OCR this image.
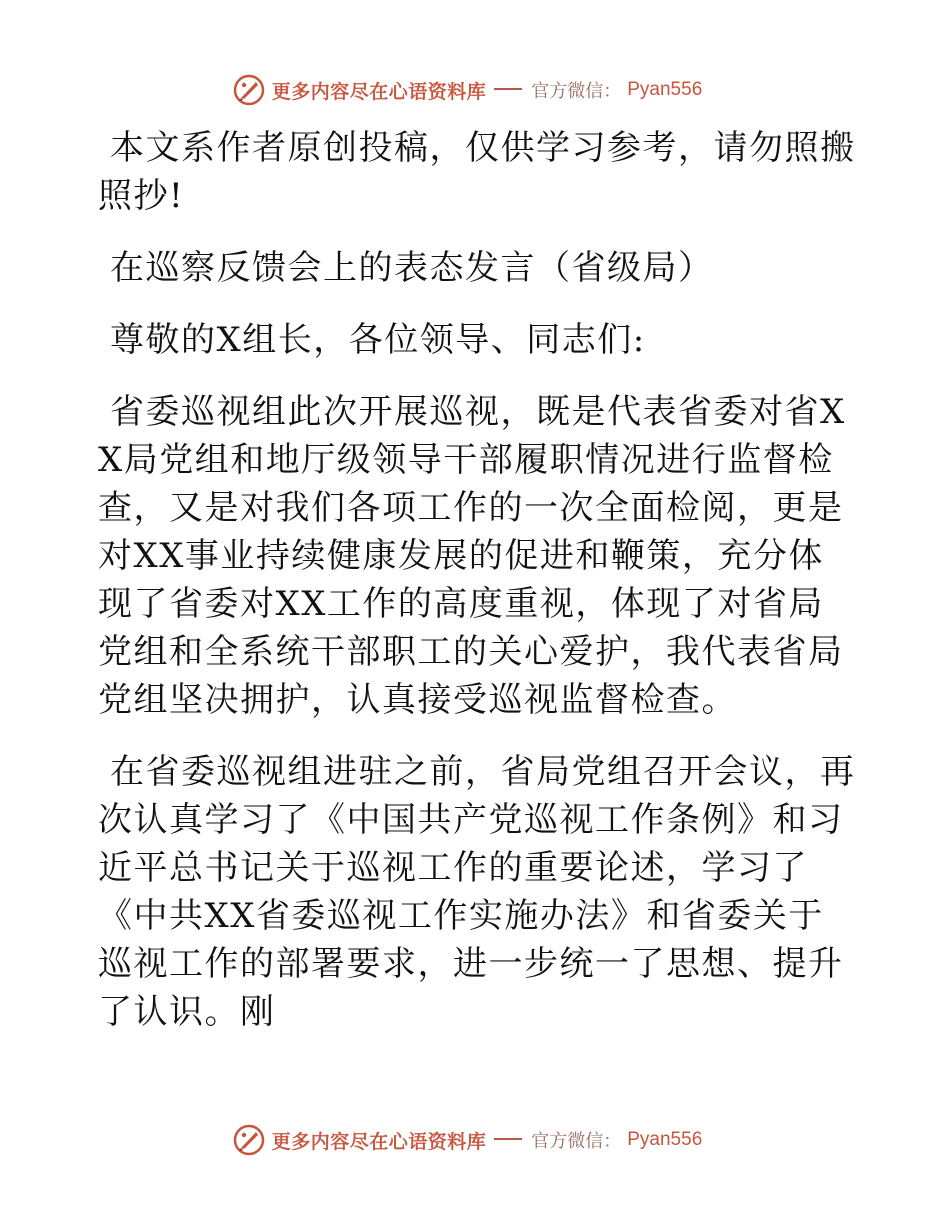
更多内容尽在心语资料库	官方微信： Pyan556

本文系作者原创投稿，仅供学习参考，请勿照搬照抄!

在巡察反馈会上的表态发言（省级局）

尊敬的X组长，各位领导、同志们:

省委巡视组此次开展巡视，既是代表省委对省XX局党组和地厅级领导干部履职情况进行监督检查，又是对我们各项工作的一次全面检阅，更是对XX事业持续健康发展的促进和鞭策，充分体现了省委对XX工作的高度重视，体现了对省局党组和全系统干部职工的关心爱护，我代表省局党组坚决拥护，认真接受巡视监督检查。

在省委巡视组进驻之前，省局党组召开会议，再次认真学习了《中国共产党巡视工作条例》和习近平总书记关于巡视工作的重要论述，学习了《中共XX省委巡视工作实施办法》和省委关于巡视工作的部署要求，进一步统一了思想、提升了认识。刚

更多内容尽在心语资料库	官方微信： Pyan556
